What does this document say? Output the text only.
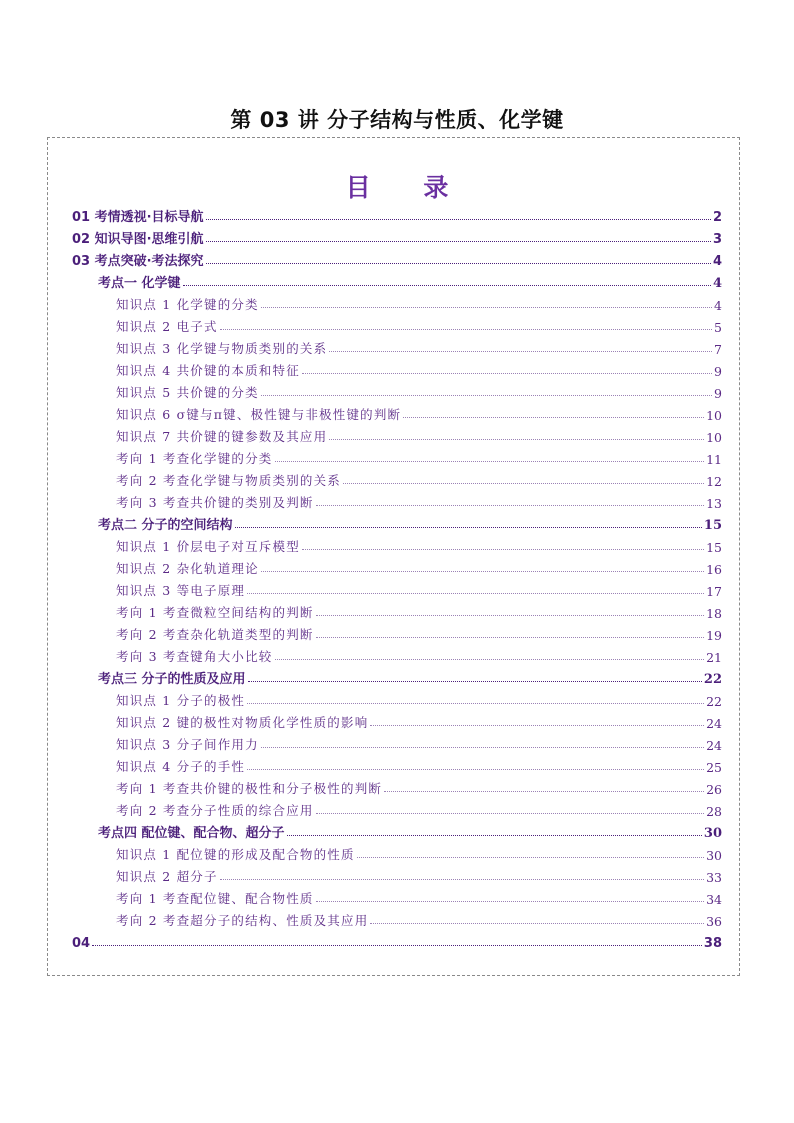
第 03 讲 分子结构与性质、化学键
目 录
01 考情透视·目标导航	2
02 知识导图·思维引航	3
03 考点突破·考法探究	4
考点一 化学键	4
知识点 1 化学键的分类	4
知识点 2 电子式	5
知识点 3 化学键与物质类别的关系	7
知识点 4 共价键的本质和特征	9
知识点 5 共价键的分类	9
知识点 6 σ键与π键、极性键与非极性键的判断	10
知识点 7 共价键的键参数及其应用	10
考向 1 考查化学键的分类	11
考向 2 考查化学键与物质类别的关系	12
考向 3 考查共价键的类别及判断	13
考点二 分子的空间结构	15
知识点 1 价层电子对互斥模型	15
知识点 2 杂化轨道理论	16
知识点 3 等电子原理	17
考向 1 考查微粒空间结构的判断	18
考向 2 考查杂化轨道类型的判断	19
考向 3 考查键角大小比较	21
考点三 分子的性质及应用	22
知识点 1 分子的极性	22
知识点 2 键的极性对物质化学性质的影响	24
知识点 3 分子间作用力	24
知识点 4 分子的手性	25
考向 1 考查共价键的极性和分子极性的判断	26
考向 2 考查分子性质的综合应用	28
考点四 配位键、配合物、超分子	30
知识点 1 配位键的形成及配合物的性质	30
知识点 2 超分子	33
考向 1 考查配位键、配合物性质	34
考向 2 考查超分子的结构、性质及其应用	36
04	38
